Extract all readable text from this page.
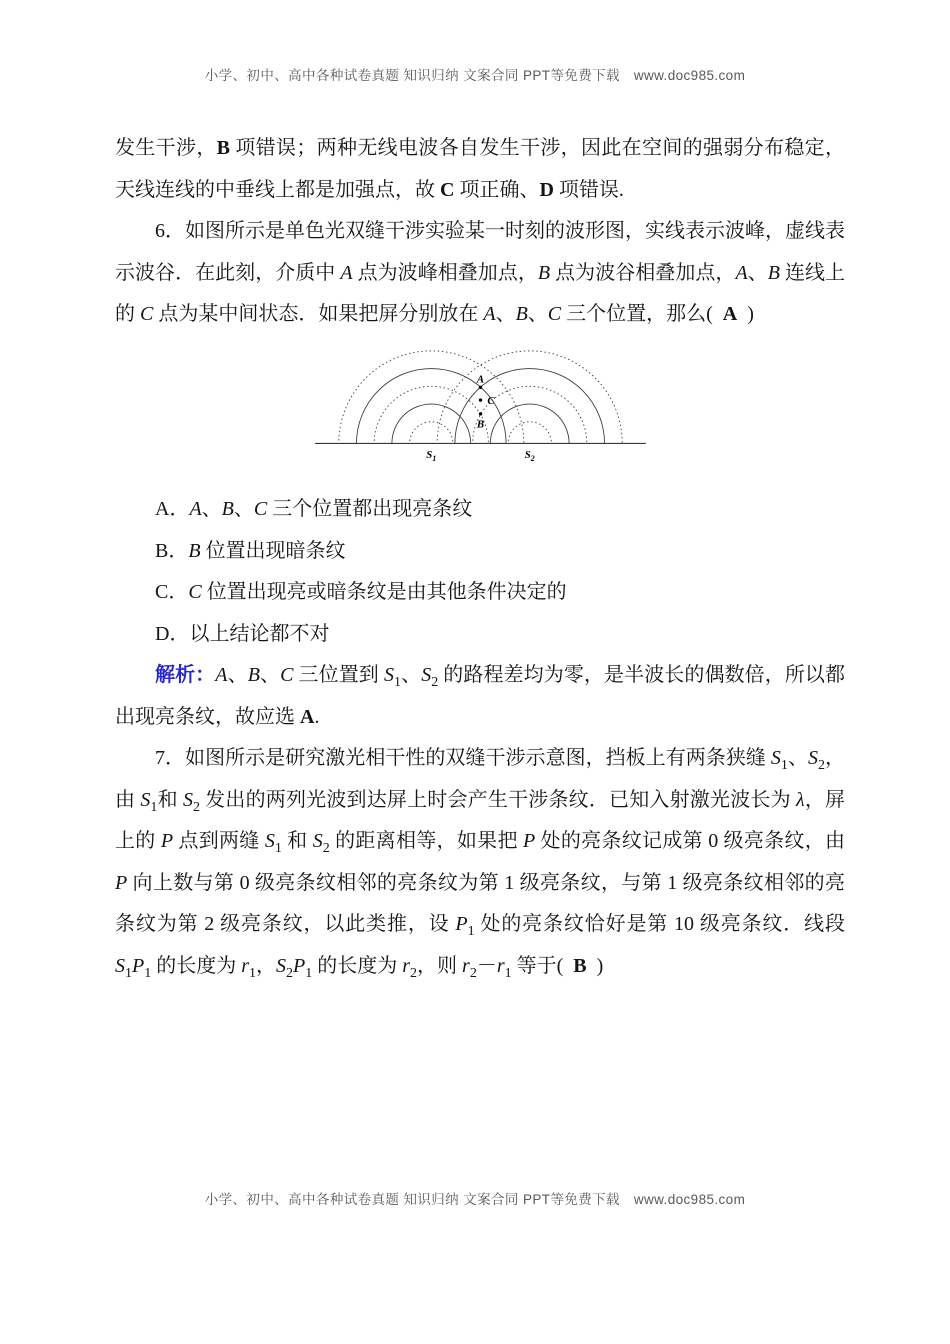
小学、初中、高中各种试卷真题 知识归纳 文案合同 PPT等免费下载　www.doc985.com

发生干涉，B 项错误；两种无线电波各自发生干涉，因此在空间的强弱分布稳定，天线连线的中垂线上都是加强点，故 C 项正确、D 项错误.

6．如图所示是单色光双缝干涉实验某一时刻的波形图，实线表示波峰，虚线表示波谷．在此刻，介质中 A 点为波峰相叠加点，B 点为波谷相叠加点，A、B 连线上的 C 点为某中间状态．如果把屏分别放在 A、B、C 三个位置，那么(  A  )

A
C
B
$S_1$	$S_2$

A．A、B、C 三个位置都出现亮条纹

B．B 位置出现暗条纹

C．C 位置出现亮或暗条纹是由其他条件决定的

D．以上结论都不对

解析：A、B、C 三位置到 $S_1$、$S_2$ 的路程差均为零，是半波长的偶数倍，所以都出现亮条纹，故应选 A.

7．如图所示是研究激光相干性的双缝干涉示意图，挡板上有两条狭缝 $S_1$、$S_2$，由 $S_1$和 $S_2$ 发出的两列光波到达屏上时会产生干涉条纹．已知入射激光波长为 λ，屏上的 P 点到两缝 $S_1$ 和 $S_2$ 的距离相等，如果把 P 处的亮条纹记成第 0 级亮条纹，由 P 向上数与第 0 级亮条纹相邻的亮条纹为第 1 级亮条纹，与第 1 级亮条纹相邻的亮条纹为第 2 级亮条纹，以此类推，设 $P_1$ 处的亮条纹恰好是第 10 级亮条纹．线段 $S_1P_1$ 的长度为 $r_1$，$S_2P_1$ 的长度为 $r_2$，则 $r_2-r_1$ 等于(  B  )

小学、初中、高中各种试卷真题 知识归纳 文案合同 PPT等免费下载　www.doc985.com
